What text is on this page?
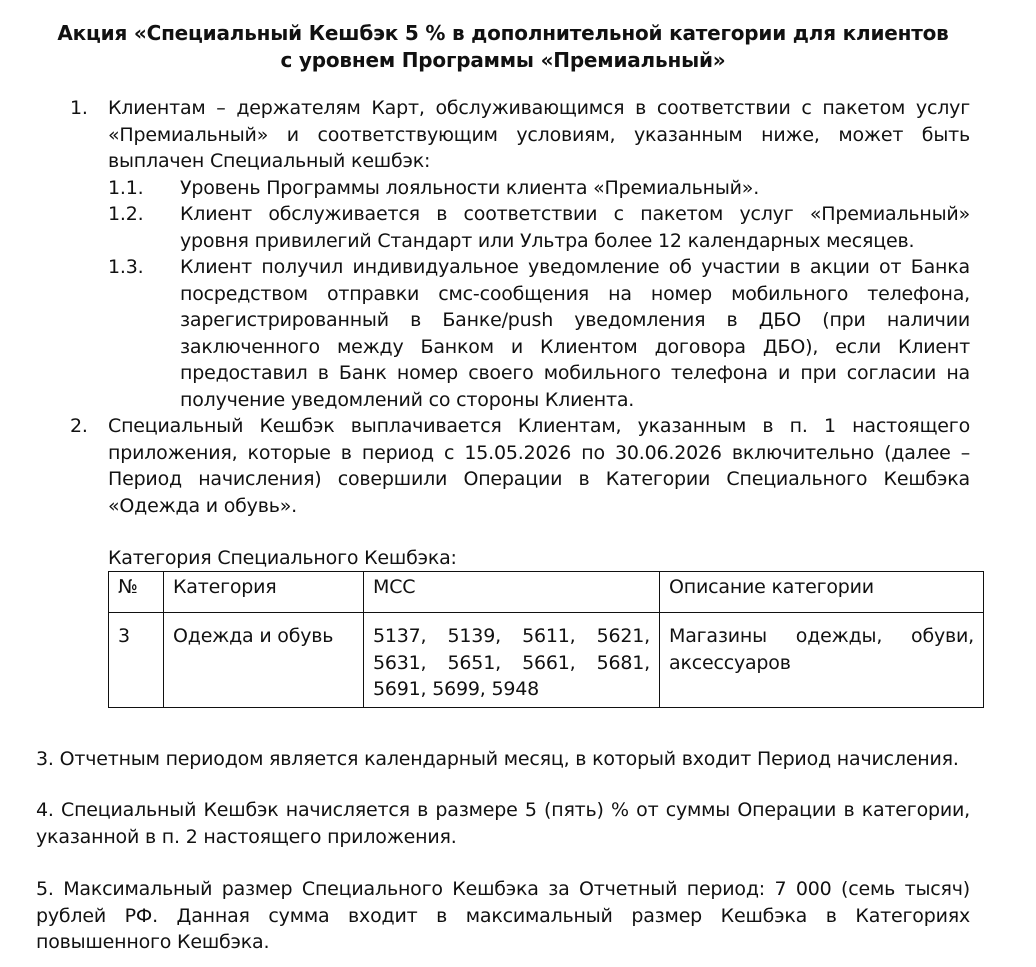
Акция «Специальный Кешбэк 5 % в дополнительной категории для клиентов
с уровнем Программы «Премиальный»
1. Клиентам – держателям Карт, обслуживающимся в соответствии с пакетом услуг «Премиальный» и соответствующим условиям, указанным ниже, может быть выплачен Специальный кешбэк:
1.1. Уровень Программы лояльности клиента «Премиальный».
1.2. Клиент обслуживается в соответствии с пакетом услуг «Премиальный» уровня привилегий Стандарт или Ультра более 12 календарных месяцев.
1.3. Клиент получил индивидуальное уведомление об участии в акции от Банка посредством отправки смс-сообщения на номер мобильного телефона, зарегистрированный в Банке/push уведомления в ДБО (при наличии заключенного между Банком и Клиентом договора ДБО), если Клиент предоставил в Банк номер своего мобильного телефона и при согласии на получение уведомлений со стороны Клиента.
2. Специальный Кешбэк выплачивается Клиентам, указанным в п. 1 настоящего приложения, которые в период с 15.05.2026 по 30.06.2026 включительно (далее – Период начисления) совершили Операции в Категории Специального Кешбэка «Одежда и обувь».
Категория Специального Кешбэка:
№	Категория	МСС	Описание категории
3	Одежда и обувь	5137, 5139, 5611, 5621, 5631, 5651, 5661, 5681, 5691, 5699, 5948	Магазины одежды, обуви, аксессуаров
3. Отчетным периодом является календарный месяц, в который входит Период начисления.
4. Специальный Кешбэк начисляется в размере 5 (пять) % от суммы Операции в категории, указанной в п. 2 настоящего приложения.
5. Максимальный размер Специального Кешбэка за Отчетный период: 7 000 (семь тысяч) рублей РФ. Данная сумма входит в максимальный размер Кешбэка в Категориях повышенного Кешбэка.
